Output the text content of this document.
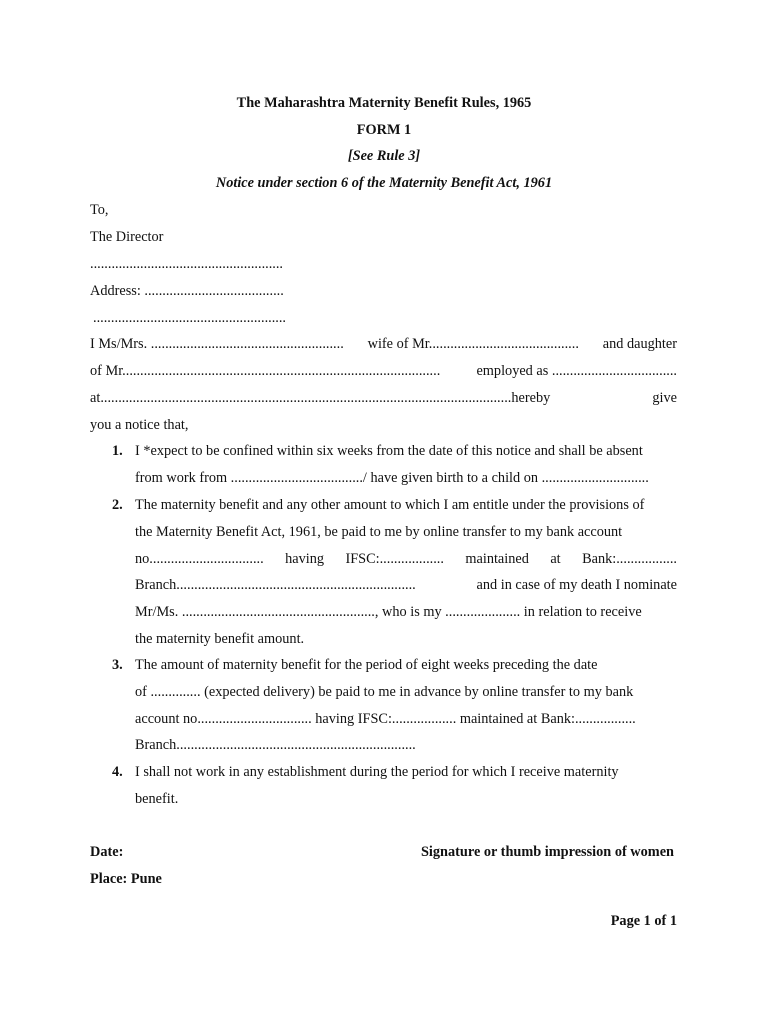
The Maharashtra Maternity Benefit Rules, 1965
FORM 1
[See Rule 3]
Notice under section 6 of the Maternity Benefit Act, 1961
To,
The Director
......................................................
Address: .......................................
......................................................
Date:	Signature or thumb impression of women
Place: Pune
Page 1 of 1
I Ms/Mrs. ...................................................... wife of Mr.......................................... and daughter
of Mr.........................................................................................	employed as ...................................
at...................................................................................................................hereby	give
you a notice that,
1. I *expect to be confined within six weeks from the date of this notice and shall be absent
from work from ...................................../ have given birth to a child on ..............................
2. The maternity benefit and any other amount to which I am entitle under the provisions of
the Maternity Benefit Act, 1961, be paid to me by online transfer to my bank account
no................................ having IFSC:.................. maintained at Bank:.................
Branch...................................................................	and in case of my death I nominate
Mr/Ms. ......................................................, who is my ..................... in relation to receive
the maternity benefit amount.
3. The amount of maternity benefit for the period of eight weeks preceding the date
of .............. (expected delivery) be paid to me in advance by online transfer to my bank
account no................................ having IFSC:.................. maintained at Bank:.................
Branch...................................................................
4. I shall not work in any establishment during the period for which I receive maternity
benefit.
